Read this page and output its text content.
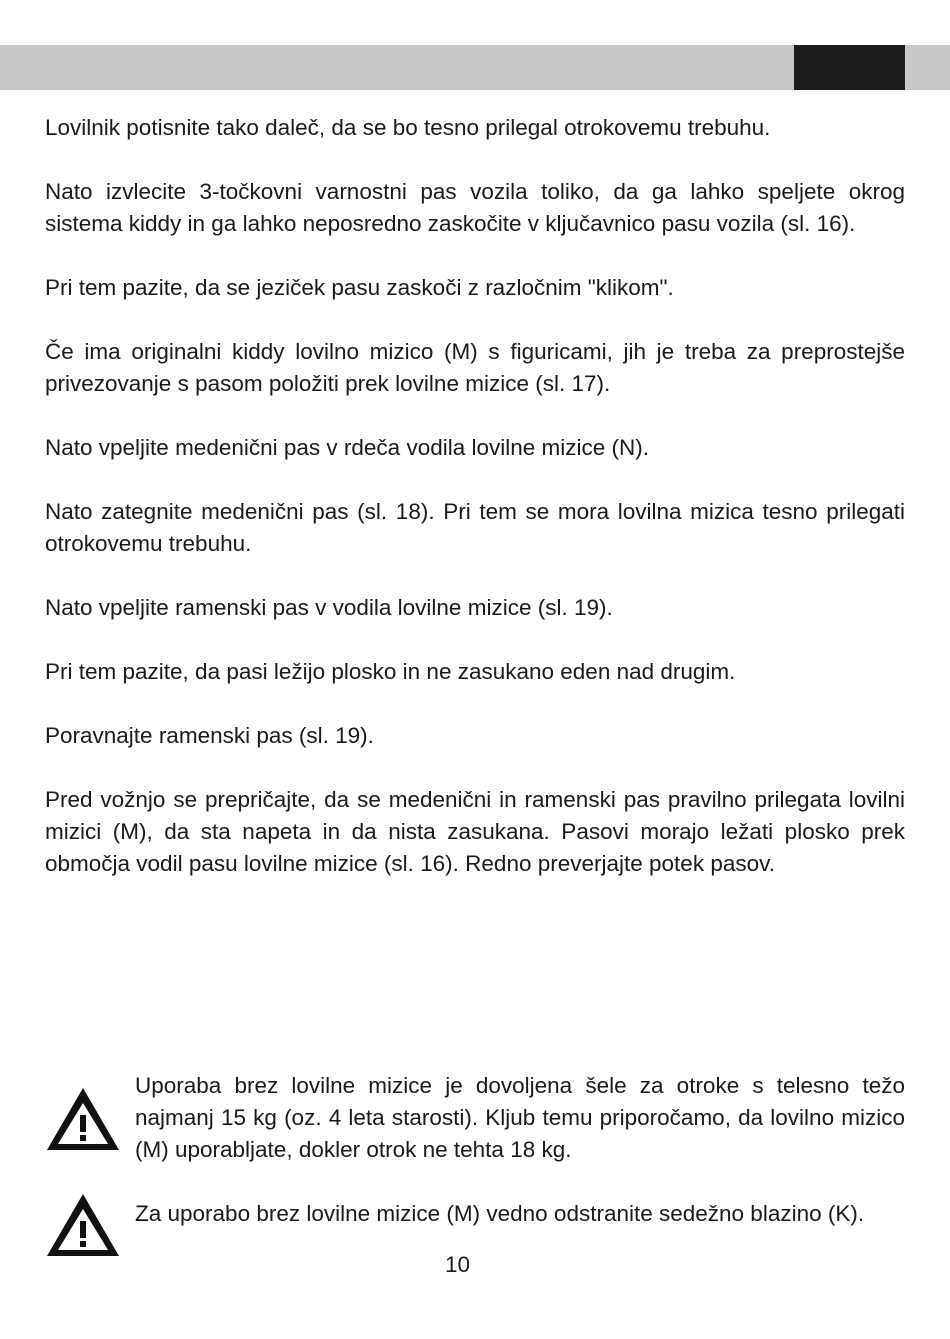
Lovilnik potisnite tako daleč, da se bo tesno prilegal otrokovemu trebuhu.

Nato izvlecite 3-točkovni varnostni pas vozila toliko, da ga lahko speljete okrog sistema kiddy in ga lahko neposredno zaskočite v ključavnico pasu vozila (sl. 16).

Pri tem pazite, da se jeziček pasu zaskoči z razločnim "klikom".

Če ima originalni kiddy lovilno mizico (M) s figuricami, jih je treba za preprostejše privezovanje s pasom položiti prek lovilne mizice (sl. 17).

Nato vpeljite medenični pas v rdeča vodila lovilne mizice (N).

Nato zategnite medenični pas (sl. 18). Pri tem se mora lovilna mizica tesno prilegati otrokovemu trebuhu.

Nato vpeljite ramenski pas v vodila lovilne mizice (sl. 19).

Pri tem pazite, da pasi ležijo plosko in ne zasukano eden nad drugim.

Poravnajte ramenski pas (sl. 19).

Pred vožnjo se prepričajte, da se medenični in ramenski pas pravilno prilegata lovilni mizici (M), da sta napeta in da nista zasukana. Pasovi morajo ležati plosko prek območja vodil pasu lovilne mizice (sl. 16). Redno preverjajte potek pasov.

Uporaba brez lovilne mizice je dovoljena šele za otroke s telesno težo najmanj 15 kg (oz. 4 leta starosti). Kljub temu priporočamo, da lovilno mizico (M) uporabljate, dokler otrok ne tehta 18 kg.

Za uporabo brez lovilne mizice (M) vedno odstranite sedežno blazino (K).

10
